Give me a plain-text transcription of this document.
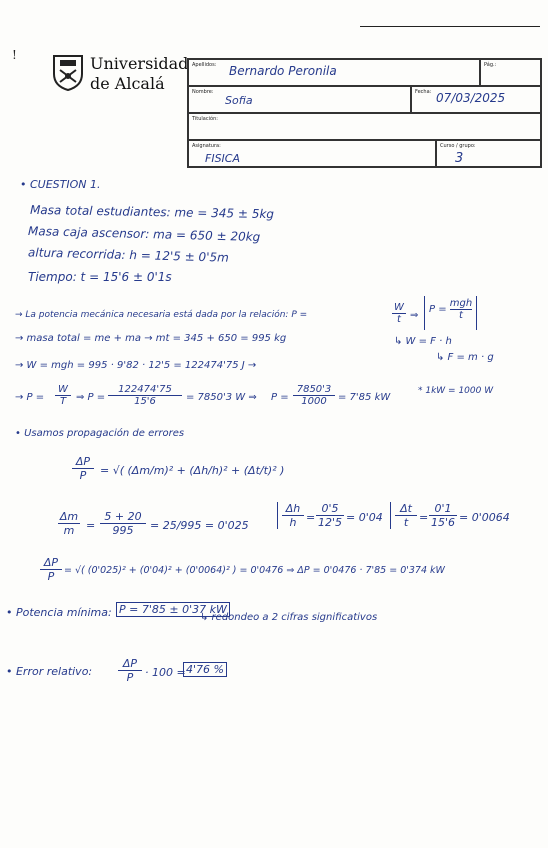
!	Universidad
de Alcalá
Apellidos: Bernardo Peronila	Pág.:
Nombre:
Sofia
Fecha: 07/03/2025
Titulación:
Asignatura:
FISICA
Curso / grupo:
3
• CUESTION 1.
Masa total estudiantes: me = 345 ± 5kg
Masa caja ascensor: ma = 650 ± 20kg
altura recorrida: h = 12'5 ± 0'5m
Tiempo: t = 15'6 ± 0'1s
→ La potencia mecánica necesaria está dada por la relación: P =	$\frac{W}{t}$ ⇒
P =
mgh
t
→ masa total = me + ma → mt = 345 + 650 = 995 kg	↳ W = F · h
→ W = mgh = 995 · 9'82 · 12'5 = 122474'75 J →
↳ F = m · g
→ $P = \frac{W}{T}$ ⇒ $P = \frac{122474'75}{15'6} = 7850'3$ W ⇒ $P = \frac{7850'3}{1000} = 7'85$ kW
* 1kW = 1000 W
• Usamos propagación de errores
$\frac{\Delta P}{P}$ = √( (Δm/m)² + (Δh/h)² + (Δt/t)² )
$\frac{\Delta m}{m} = \frac{5 + 20}{995} = 25/995 = 0'025$	$\frac{\Delta h}{h} = \frac{0'5}{12'5} = 0'04 \frac{\Delta t}{t} = \frac{0'1}{15'6} = 0'0064$
$\frac{\Delta P}{P}$ = √( (0'025)² + (0'04)² + (0'0064)² ) = 0'0476 ⇒ ΔP = 0'0476 · 7'85 = 0'374 kW
• Potencia mínima: P = 7'85 ± 0'37 kW
↳ redondeo a 2 cifras significativos
• Error relativo: $\frac{\Delta P}{P} \cdot 100 = 4'76$ %
